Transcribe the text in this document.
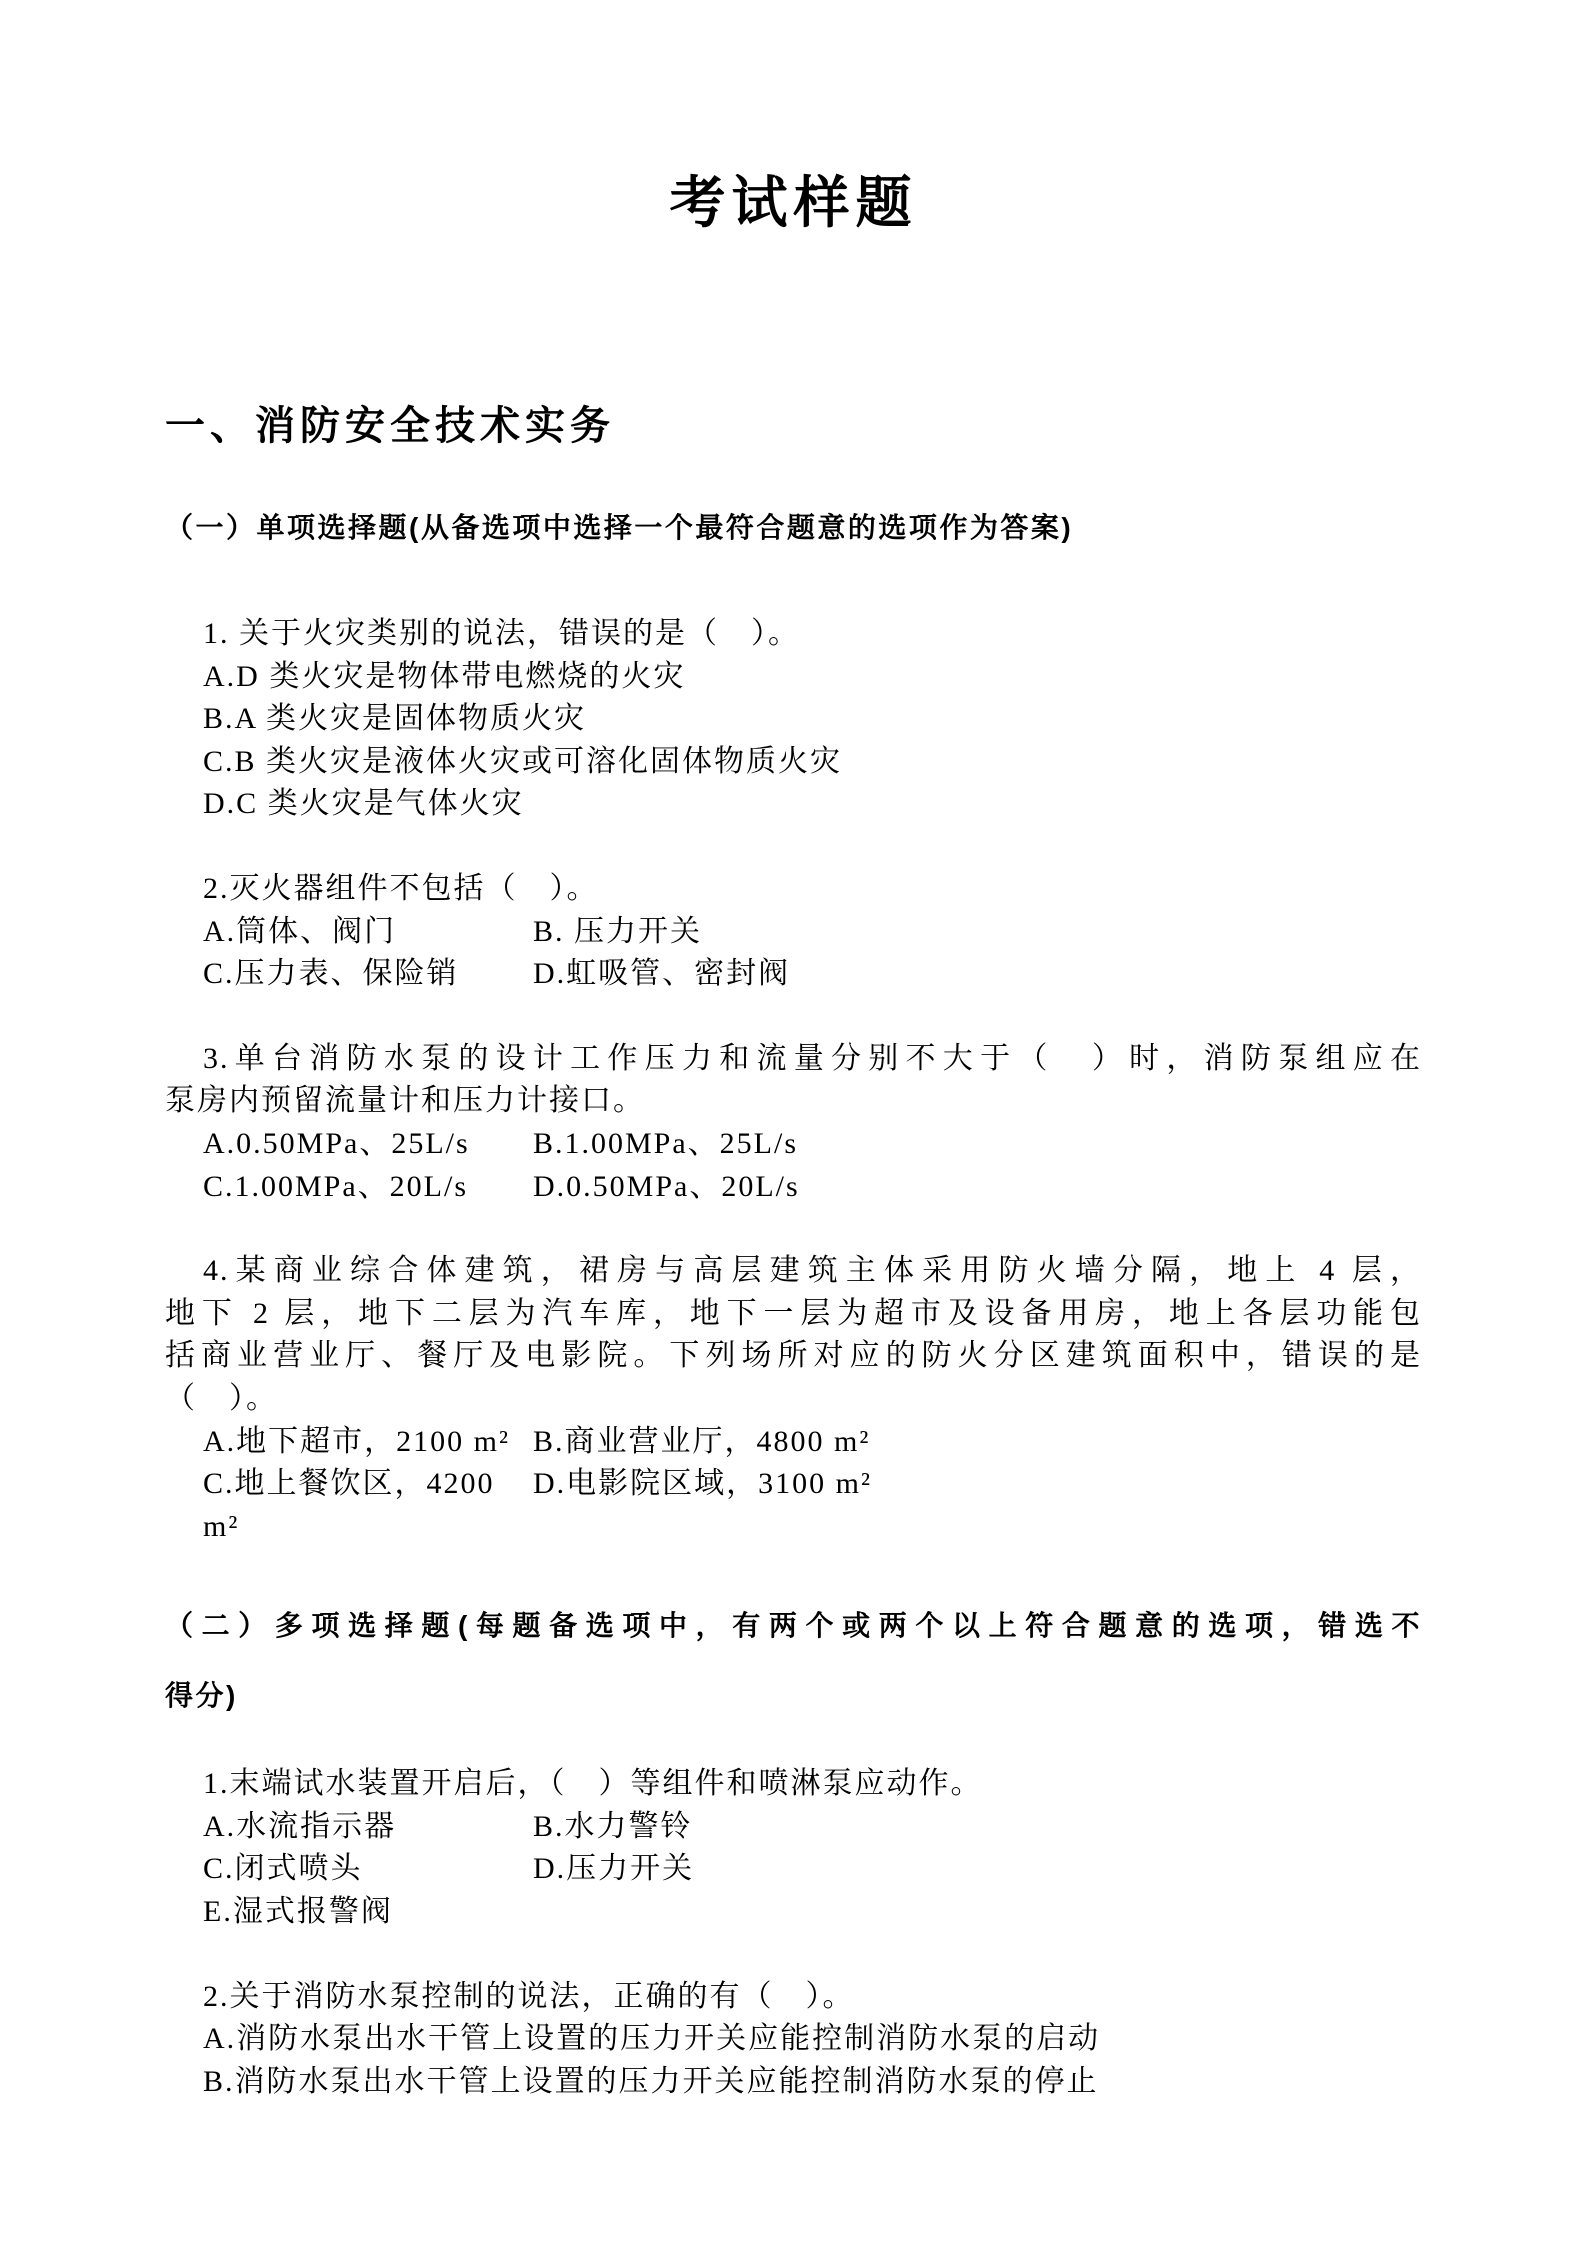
考试样题
一、消防安全技术实务
（一）单项选择题(从备选项中选择一个最符合题意的选项作为答案)

1. 关于火灾类别的说法，错误的是（　）。

A.D 类火灾是物体带电燃烧的火灾

B.A 类火灾是固体物质火灾

C.B 类火灾是液体火灾或可溶化固体物质火灾

D.C 类火灾是气体火灾

2.灭火器组件不包括（　）。

A.筒体、阀门	B. 压力开关
C.压力表、保险销	D.虹吸管、密封阀

3.单台消防水泵的设计工作压力和流量分别不大于（　）时，消防泵组应在
泵房内预留流量计和压力计接口。

A.0.50MPa、25L/s	B.1.00MPa、25L/s
C.1.00MPa、20L/s	D.0.50MPa、20L/s

4.某商业综合体建筑，裙房与高层建筑主体采用防火墙分隔，地上 4 层，
地下 2 层，地下二层为汽车库，地下一层为超市及设备用房，地上各层功能包
括商业营业厅、餐厅及电影院。下列场所对应的防火分区建筑面积中，错误的是
（　）。

A.地下超市，2100 m² B.商业营业厅，4800 m²
C.地上餐饮区，4200 m²
D.电影院区域，3100 m²
（二）多项选择题(每题备选项中，有两个或两个以上符合题意的选项，错选不
得分)

1.末端试水装置开启后，（　）等组件和喷淋泵应动作。

A.水流指示器	B.水力警铃
C.闭式喷头	D.压力开关
E.湿式报警阀

2.关于消防水泵控制的说法，正确的有（　）。

A.消防水泵出水干管上设置的压力开关应能控制消防水泵的启动

B.消防水泵出水干管上设置的压力开关应能控制消防水泵的停止
